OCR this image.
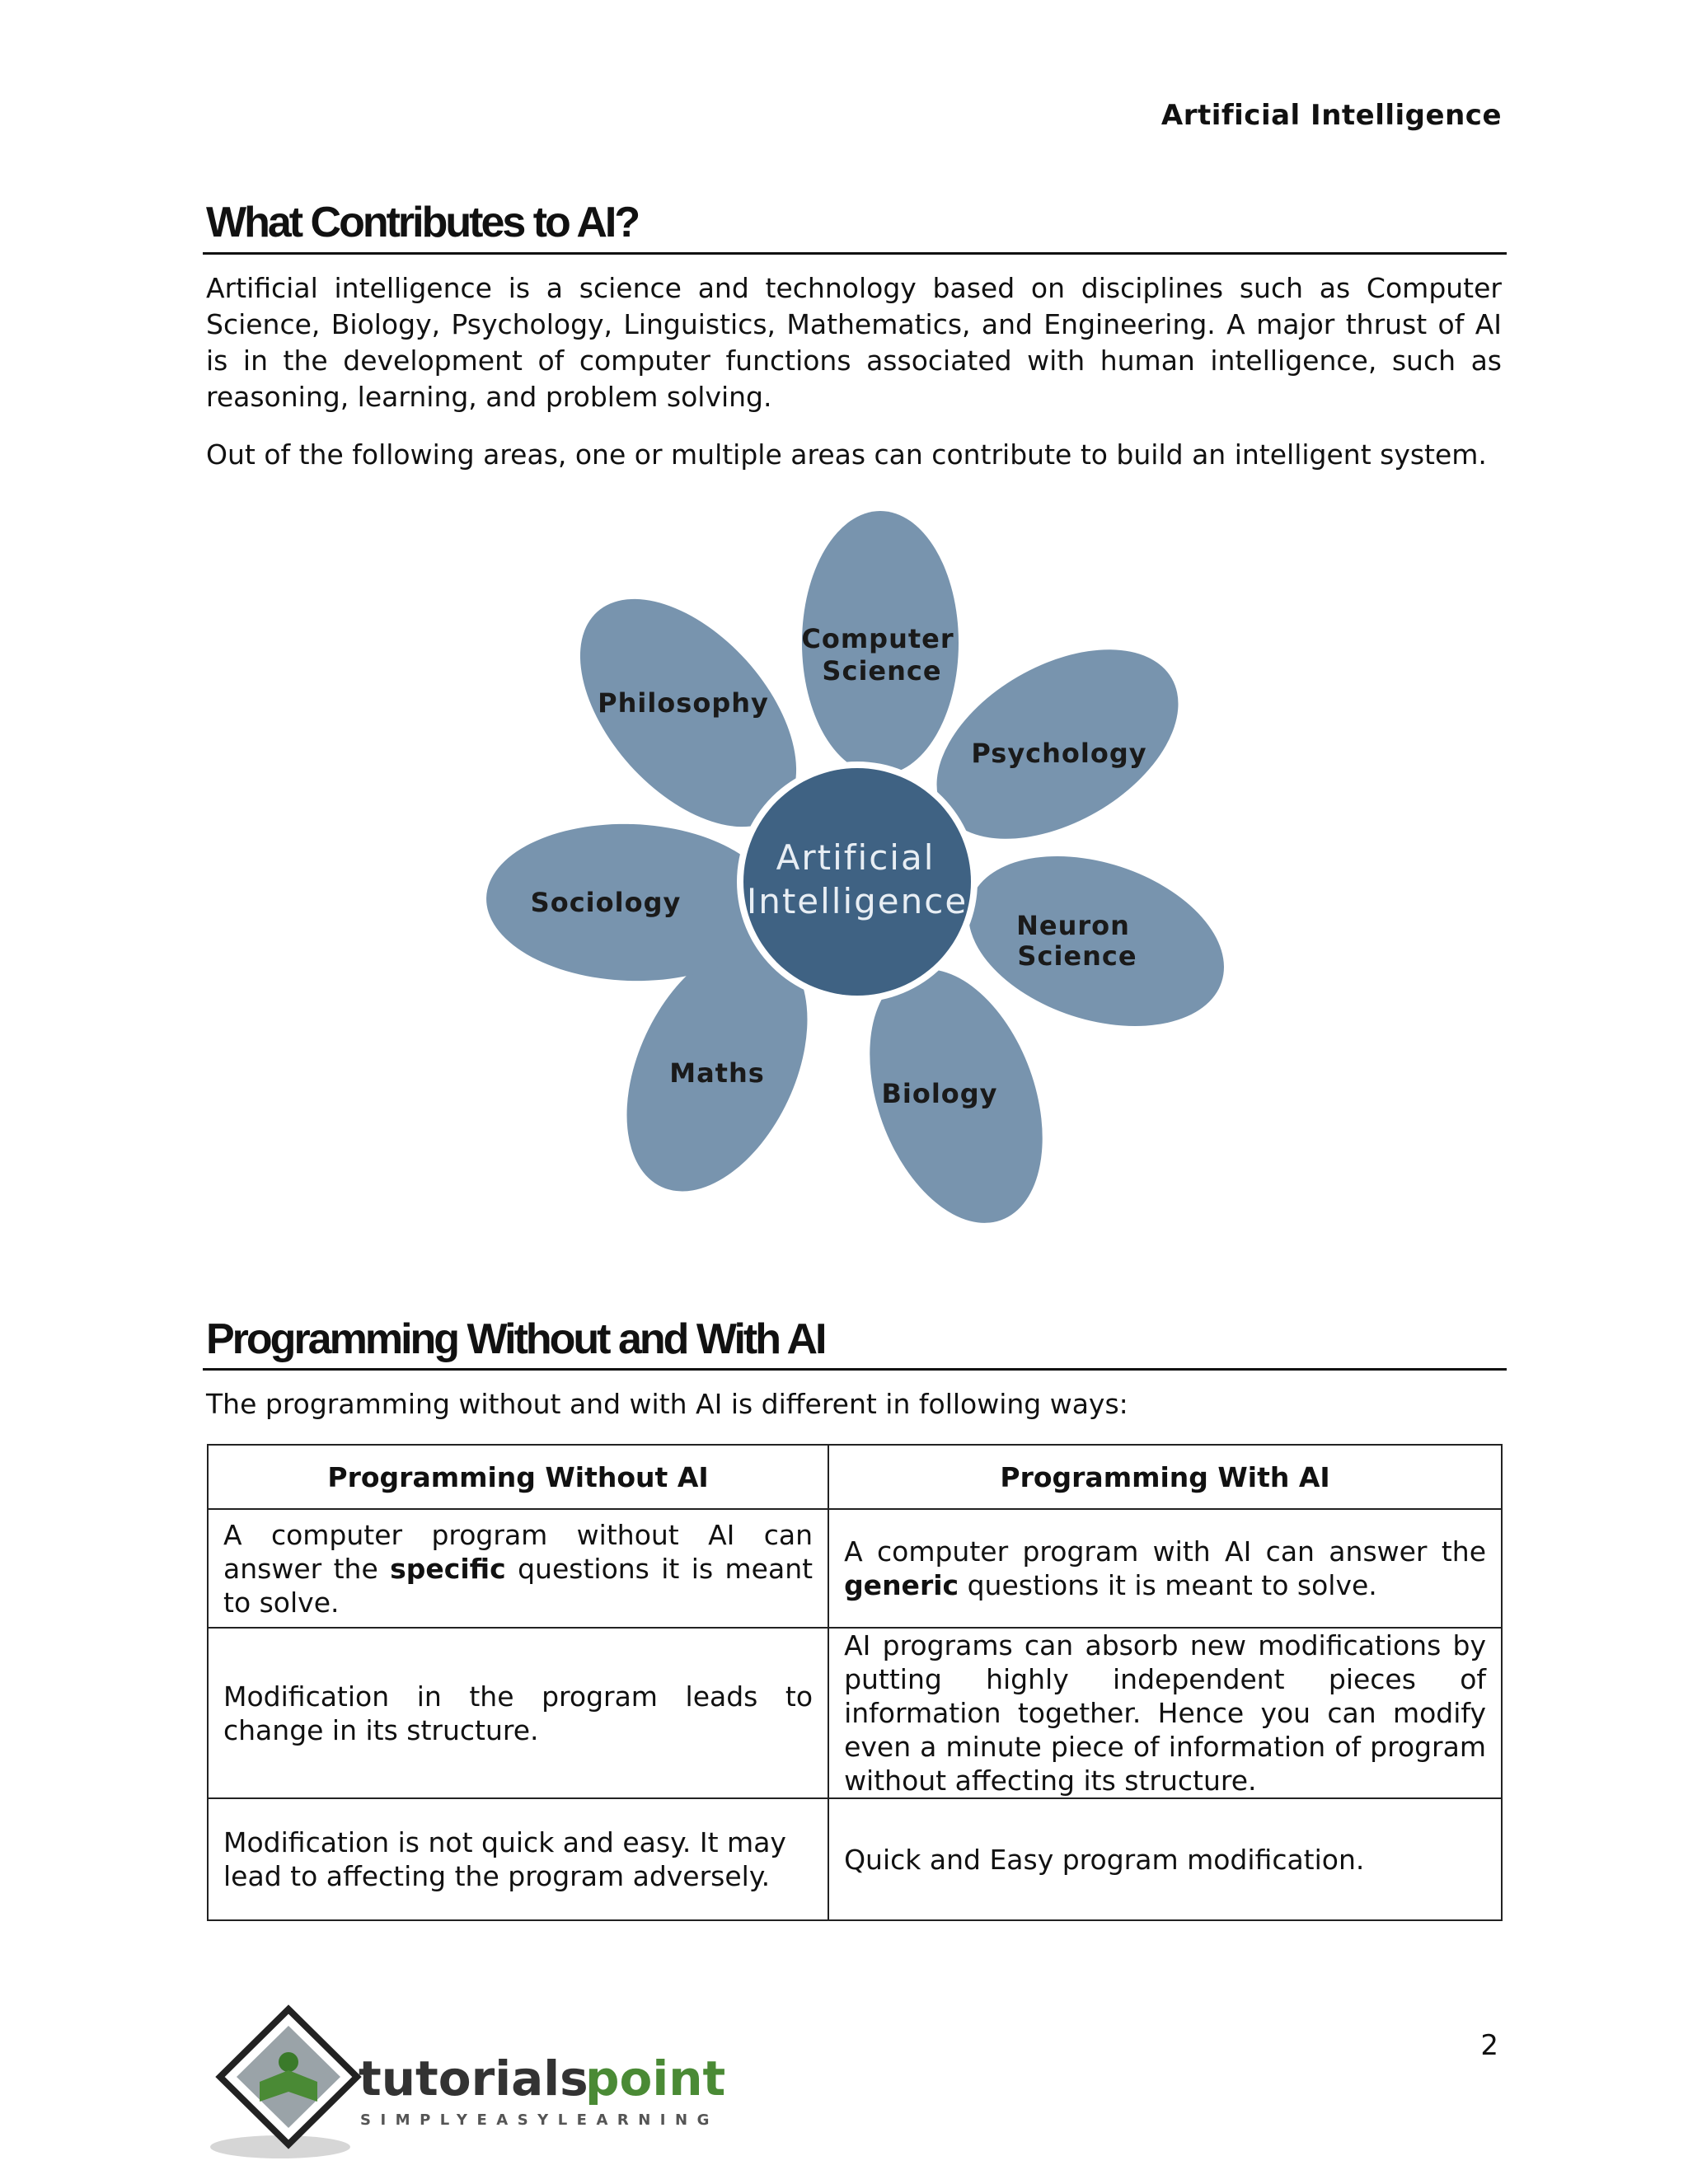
Artificial Intelligence
What Contributes to AI?

Artificial intelligence is a science and technology based on disciplines such as Computer Science, Biology, Psychology, Linguistics, Mathematics, and Engineering. A major thrust of AI is in the development of computer functions associated with human intelligence, such as reasoning, learning, and problem solving.

Out of the following areas, one or multiple areas can contribute to build an intelligent system.

Artificial
Intelligence
Computer
Science
Psychology
Neuron
Science
Biology
Maths
Sociology
Philosophy
Programming Without and With AI

The programming without and with AI is different in following ways:

Programming Without AI	Programming With AI
A computer program without AI can answer the specific questions it is meant to solve.	A computer program with AI can answer the generic questions it is meant to solve.
Modification in the program leads to change in its structure.	AI programs can absorb new modifications by putting highly independent pieces of information together. Hence you can modify even a minute piece of information of program without affecting its structure.
Modification is not quick and easy. It may lead to affecting the program adversely.	Quick and Easy program modification.
tutorials
point
SIMPLYEASYLEARNING
2
